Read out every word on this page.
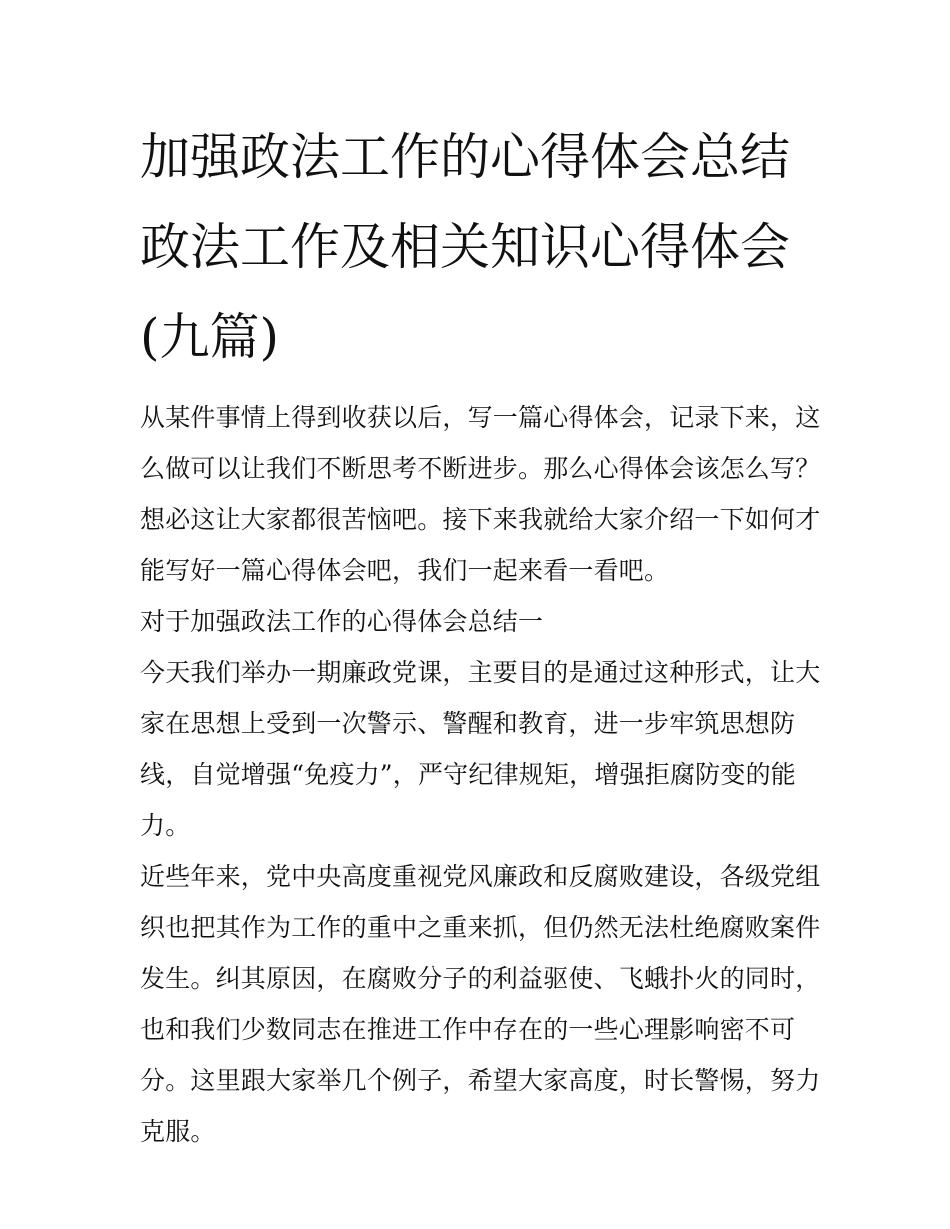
加强政法工作的心得体会总结
政法工作及相关知识心得体会
(九篇)
从某件事情上得到收获以后，写一篇心得体会，记录下来，这
么做可以让我们不断思考不断进步。那么心得体会该怎么写？
想必这让大家都很苦恼吧。接下来我就给大家介绍一下如何才
能写好一篇心得体会吧，我们一起来看一看吧。
对于加强政法工作的心得体会总结一
今天我们举办一期廉政党课，主要目的是通过这种形式，让大
家在思想上受到一次警示、警醒和教育，进一步牢筑思想防
线，自觉增强“免疫力”，严守纪律规矩，增强拒腐防变的能
力。
近些年来，党中央高度重视党风廉政和反腐败建设，各级党组
织也把其作为工作的重中之重来抓，但仍然无法杜绝腐败案件
发生。纠其原因，在腐败分子的利益驱使、飞蛾扑火的同时，
也和我们少数同志在推进工作中存在的一些心理影响密不可
分。这里跟大家举几个例子，希望大家高度，时长警惕，努力
克服。
